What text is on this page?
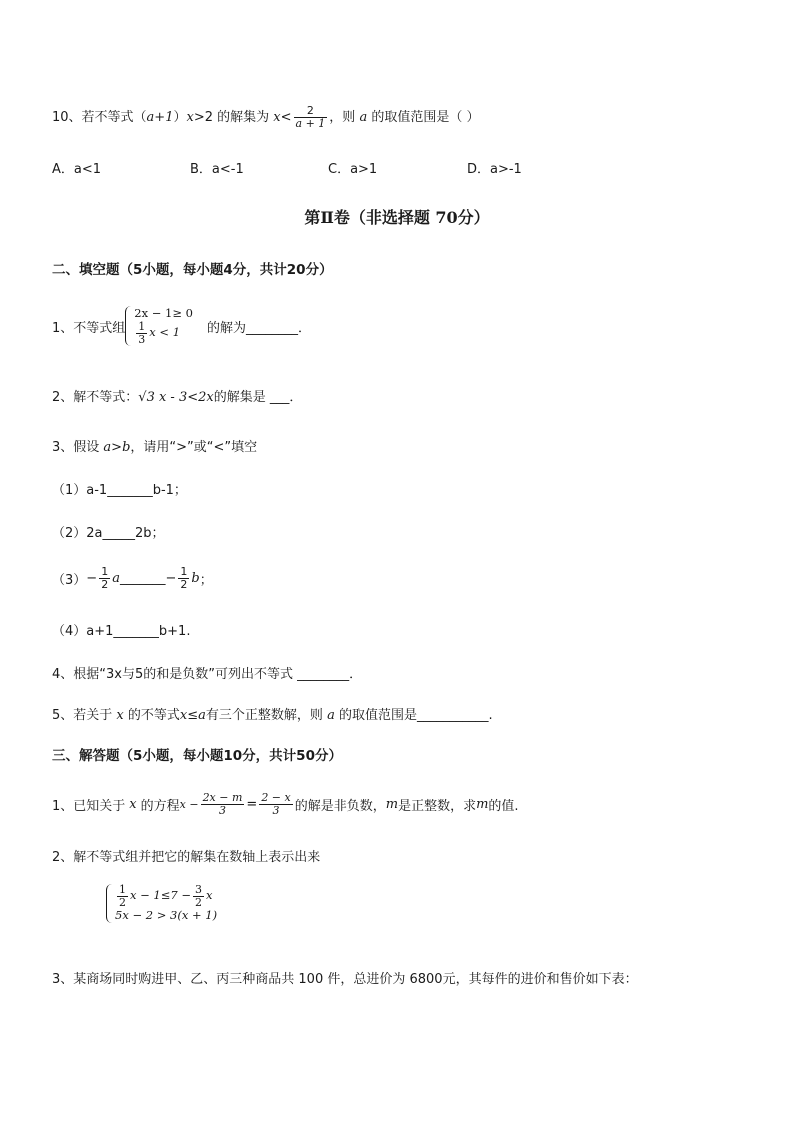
10、若不等式（a+1）x>2 的解集为 $x< \frac{2}{a + 1}$ ，则 a 的取值范围是（ ）
A．a<1	B．a<-1	C．a>1	D．a>-1
第Ⅱ卷（非选择题 70分）
二、填空题（5小题，每小题4分，共计20分）
1、不等式组
2x − 1≥ 0
$\frac{1}{3}$ x < 1	的解为________．
2、解不等式：√3 x - 3<2x的解集是 ___．
3、假设 a>b，请用“>”或“<”填空
（1）a-1_______b-1；
（2）2a_____2b；
$(3) - \frac{1}{2}$ a _______ − $\frac{1}{2}$ b ；
（4）a+1_______b+1.
4、根据“3x与5的和是负数”可列出不等式 ________．
5、若关于 x 的不等式x≤a有三个正整数解，则 a 的取值范围是___________.
三、解答题（5小题，每小题10分，共计50分）
1、已知关于 x 的方程 $x - \frac{2x - m}{3} = \frac{2 - x}{3}$ 的解是非负数， m 是正整数，求 m 的值.
2、解不等式组并把它的解集在数轴上表示出来
$\frac{1}{2}$ $x - 1\le 7 - \frac{3}{2}$ x
5x − 2 > 3(x + 1)
3、某商场同时购进甲、乙、丙三种商品共 100 件，总进价为 6800元，其每件的进价和售价如下表：
